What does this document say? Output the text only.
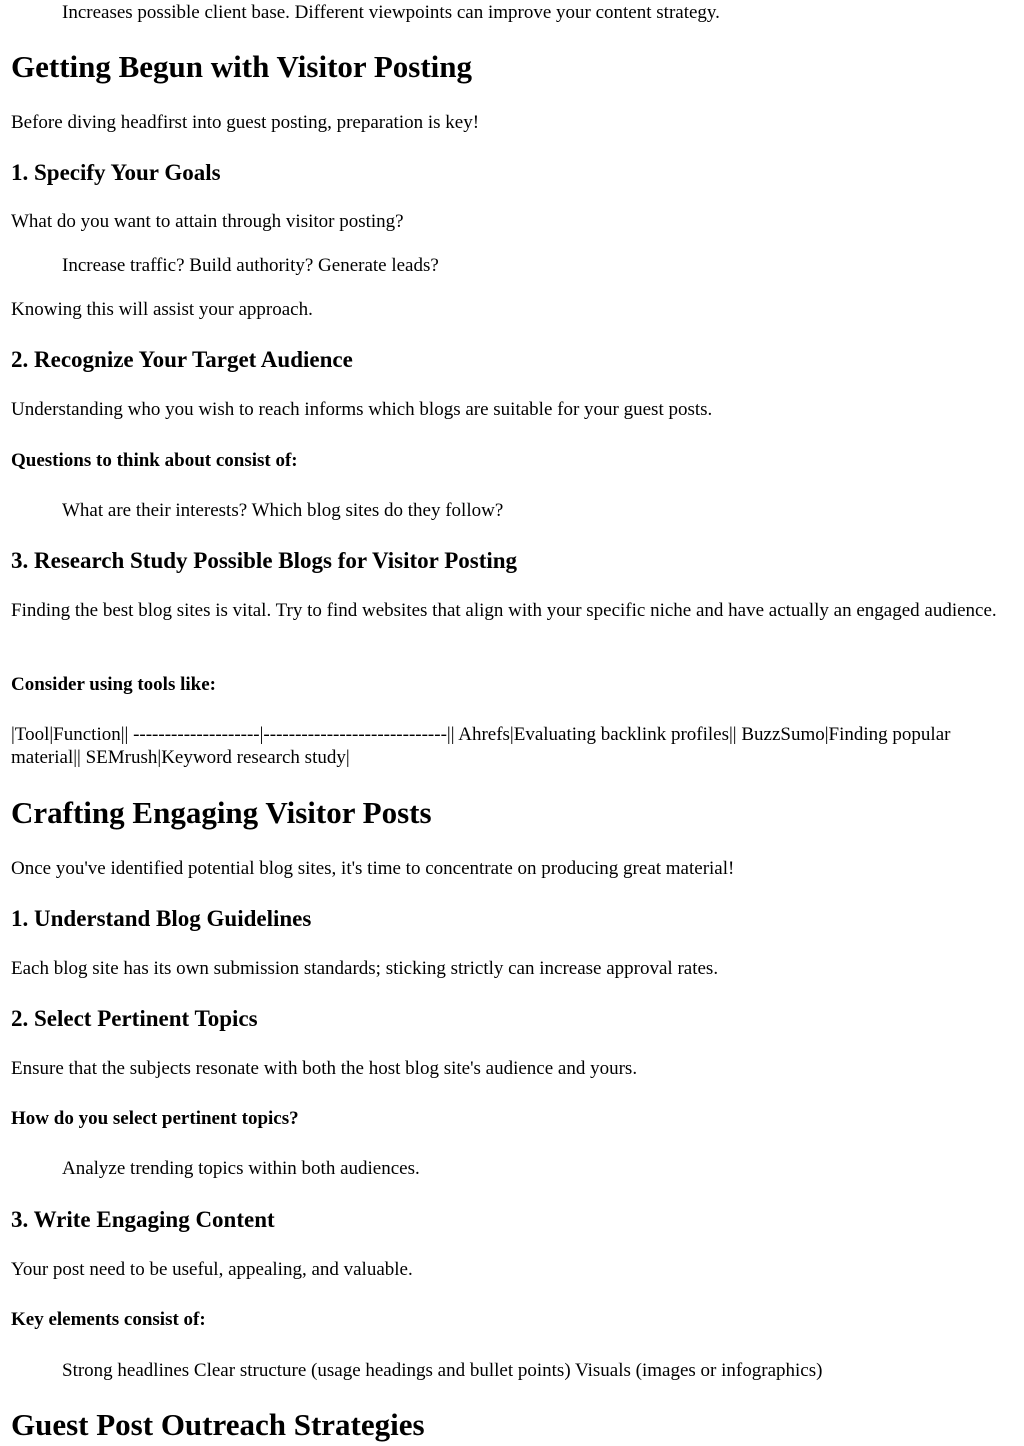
Increases possible client base. Different viewpoints can improve your content strategy.

Getting Begun with Visitor Posting

Before diving headfirst into guest posting, preparation is key!

1. Specify Your Goals

What do you want to attain through visitor posting?

Increase traffic? Build authority? Generate leads?

Knowing this will assist your approach.

2. Recognize Your Target Audience

Understanding who you wish to reach informs which blogs are suitable for your guest posts.

Questions to think about consist of:

What are their interests? Which blog sites do they follow?

3. Research Study Possible Blogs for Visitor Posting

Finding the best blog sites is vital. Try to find websites that align with your specific niche and have actually an engaged audience.

Consider using tools like:

|Tool|Function|| --------------------|-----------------------------|| Ahrefs|Evaluating backlink profiles|| BuzzSumo|Finding popular material|| SEMrush|Keyword research study|

Crafting Engaging Visitor Posts

Once you've identified potential blog sites, it's time to concentrate on producing great material!

1. Understand Blog Guidelines

Each blog site has its own submission standards; sticking strictly can increase approval rates.

2. Select Pertinent Topics

Ensure that the subjects resonate with both the host blog site's audience and yours.

How do you select pertinent topics?

Analyze trending topics within both audiences.

3. Write Engaging Content

Your post need to be useful, appealing, and valuable.

Key elements consist of:

Strong headlines Clear structure (usage headings and bullet points) Visuals (images or infographics)

Guest Post Outreach Strategies
